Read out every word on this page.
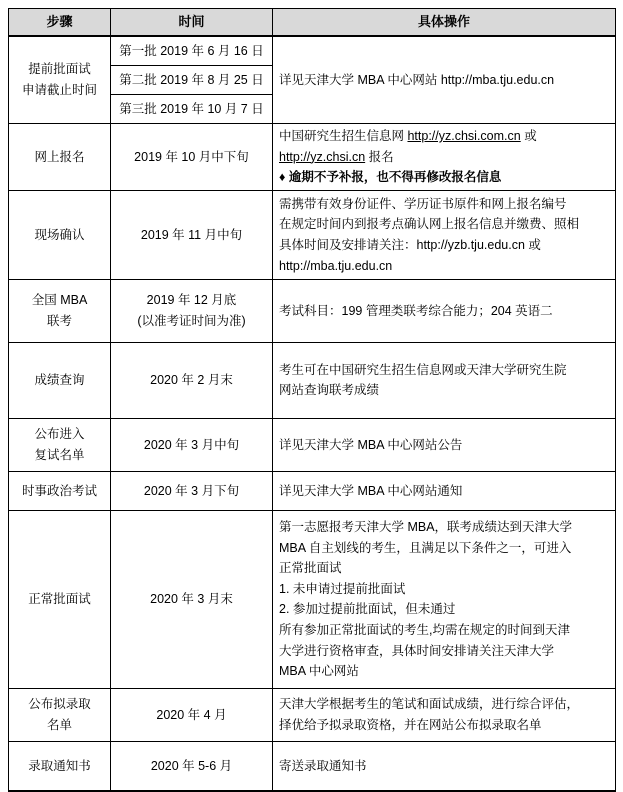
步骤	时间	具体操作

提前批面试
申请截止时间	第一批 2019 年 6 月 16 日	详见天津大学 MBA 中心网站 http://mba.tju.edu.cn
	第二批 2019 年 8 月 25 日	
	第三批 2019 年 10 月 7 日	
网上报名	2019 年 10 月中下旬	中国研究生招生信息网 http://yz.chsi.com.cn 或
http://yz.chsi.cn 报名
♦ 逾期不予补报，也不得再修改报名信息

现场确认	2019 年 11 月中旬	需携带有效身份证件、学历证书原件和网上报名编号
在规定时间内到报考点确认网上报名信息并缴费、照相
具体时间及安排请关注：http://yzb.tju.edu.cn 或
http://mba.tju.edu.cn

全国 MBA
联考	2019 年 12 月底
(以准考证时间为准)	考试科目：199 管理类联考综合能力；204 英语二
成绩查询	2020 年 2 月末	考生可在中国研究生招生信息网或天津大学研究生院
网站查询联考成绩

公布进入
复试名单	2020 年 3 月中旬	详见天津大学 MBA 中心网站公告
时事政治考试	2020 年 3 月下旬	详见天津大学 MBA 中心网站通知
正常批面试	2020 年 3 月末	
第一志愿报考天津大学 MBA，联考成绩达到天津大学
MBA 自主划线的考生，且满足以下条件之一，可进入
正常批面试
1. 未申请过提前批面试
2. 参加过提前批面试，但未通过
所有参加正常批面试的考生,均需在规定的时间到天津
大学进行资格审查，具体时间安排请关注天津大学
MBA 中心网站

公布拟录取
名单	2020 年 4 月	天津大学根据考生的笔试和面试成绩，进行综合评估，
择优给予拟录取资格，并在网站公布拟录取名单

录取通知书	2020 年 5-6 月	寄送录取通知书
